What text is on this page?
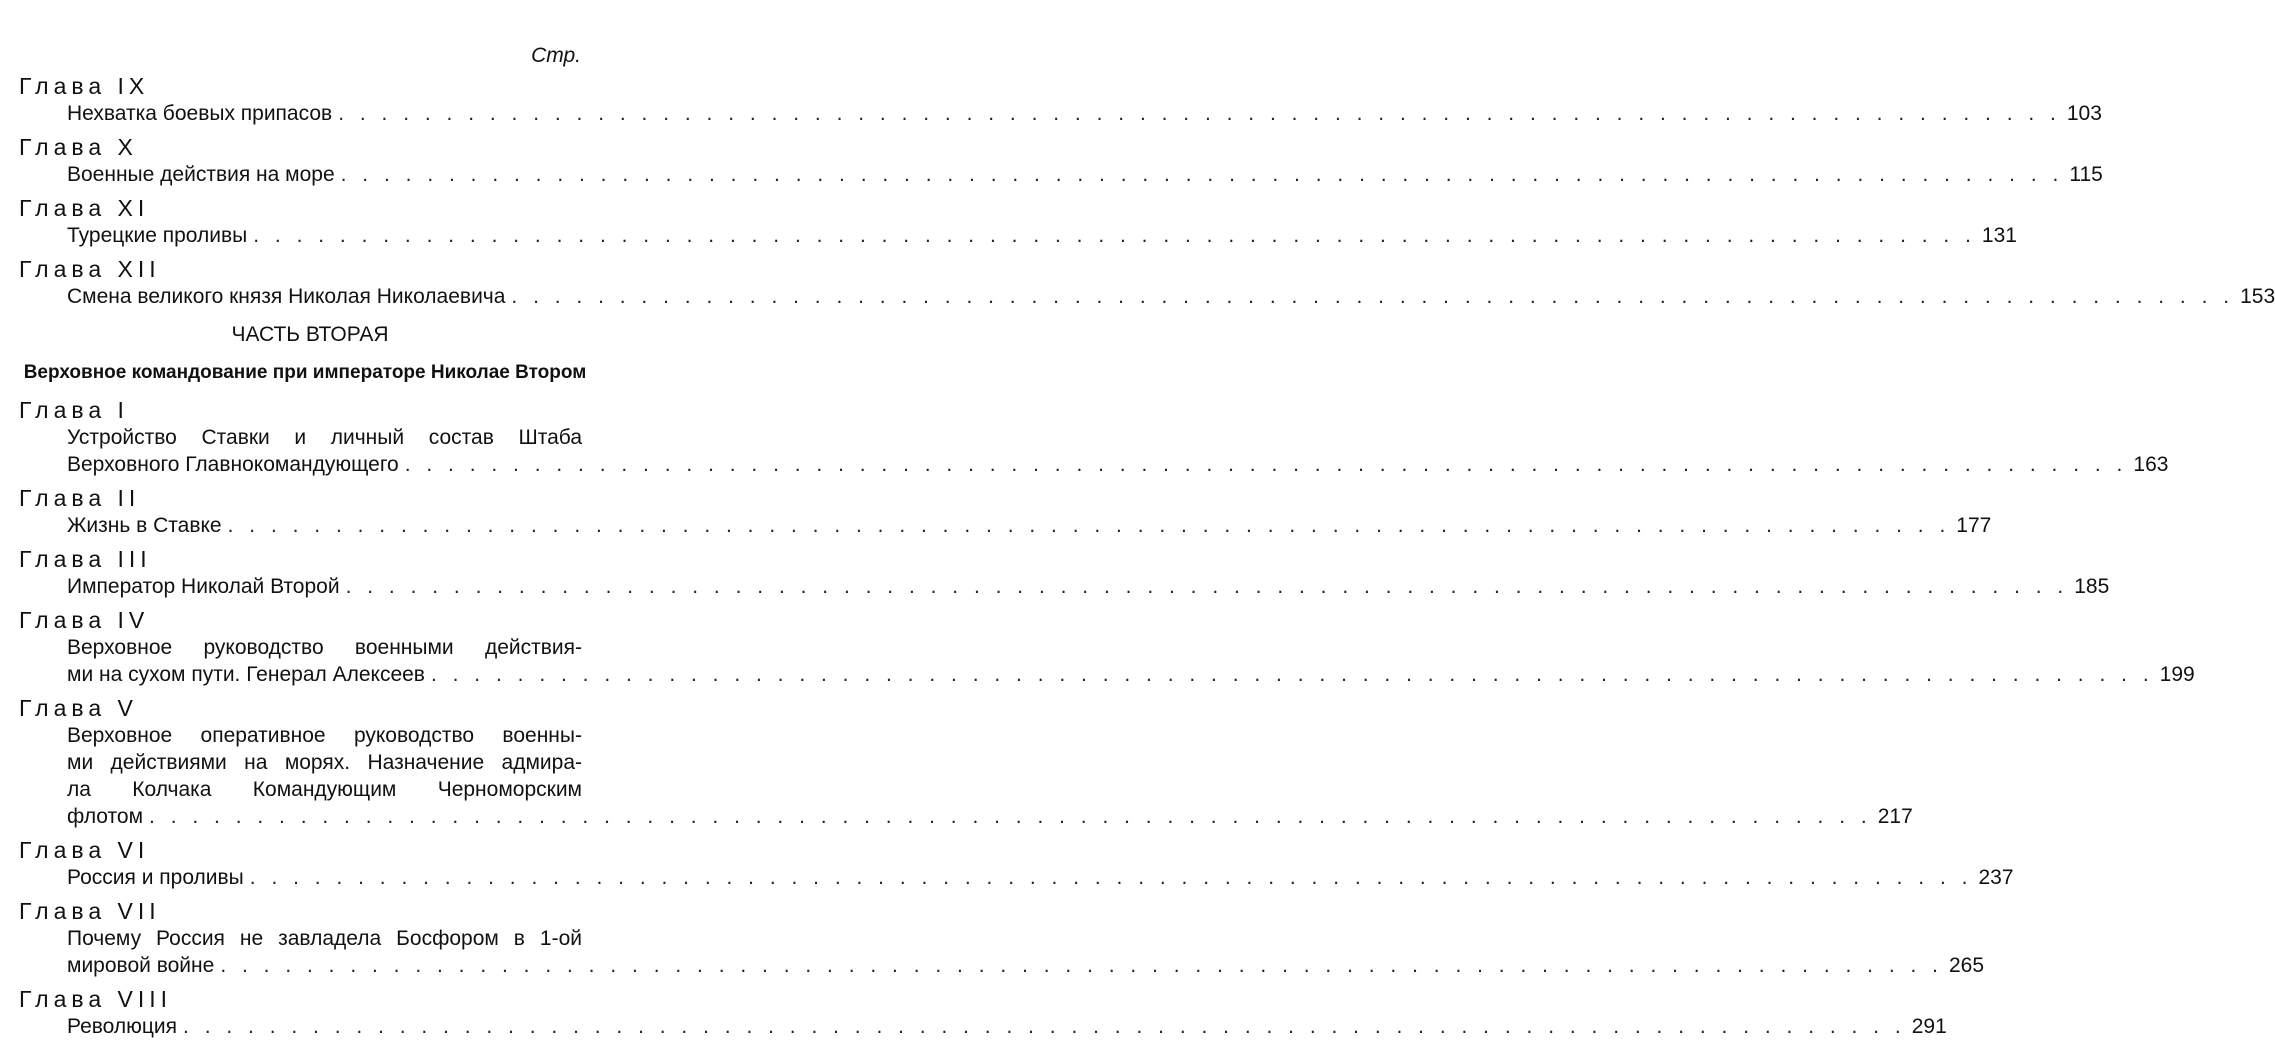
Стр.
Глава IX
Нехватка боевых припасов . . . . . . . . . . . . . . . . . . . . . . . . . . . . . . . . . . . . . . . . . . . . . . . . . . . . . . . . . . . . . . . . . . . . . . . . . . . . . . . . 103
Глава X
Военные действия на море . . . . . . . . . . . . . . . . . . . . . . . . . . . . . . . . . . . . . . . . . . . . . . . . . . . . . . . . . . . . . . . . . . . . . . . . . . . . . . . . 115
Глава XI
Турецкие проливы . . . . . . . . . . . . . . . . . . . . . . . . . . . . . . . . . . . . . . . . . . . . . . . . . . . . . . . . . . . . . . . . . . . . . . . . . . . . . . . . 131
Глава XII
Смена великого князя Николая Николаевича . . . . . . . . . . . . . . . . . . . . . . . . . . . . . . . . . . . . . . . . . . . . . . . . . . . . . . . . . . . . . . . . . . . . . . . . . . . . . . . . 153
ЧАСТЬ ВТОРАЯ
Верховное командование при императоре Николае Втором
Глава I
Устройство Ставки и личный состав Штаба
Верховного Главнокомандующего . . . . . . . . . . . . . . . . . . . . . . . . . . . . . . . . . . . . . . . . . . . . . . . . . . . . . . . . . . . . . . . . . . . . . . . . . . . . . . . . 163
Глава II
Жизнь в Ставке . . . . . . . . . . . . . . . . . . . . . . . . . . . . . . . . . . . . . . . . . . . . . . . . . . . . . . . . . . . . . . . . . . . . . . . . . . . . . . . . 177
Глава III
Император Николай Второй . . . . . . . . . . . . . . . . . . . . . . . . . . . . . . . . . . . . . . . . . . . . . . . . . . . . . . . . . . . . . . . . . . . . . . . . . . . . . . . . 185
Глава IV
Верховное руководство военными действия-
ми на сухом пути. Генерал Алексеев . . . . . . . . . . . . . . . . . . . . . . . . . . . . . . . . . . . . . . . . . . . . . . . . . . . . . . . . . . . . . . . . . . . . . . . . . . . . . . . . 199
Глава V
Верховное оперативное руководство военны-
ми действиями на морях. Назначение адмира-
ла Колчака Командующим Черноморским
флотом . . . . . . . . . . . . . . . . . . . . . . . . . . . . . . . . . . . . . . . . . . . . . . . . . . . . . . . . . . . . . . . . . . . . . . . . . . . . . . . . 217
Глава VI
Россия и проливы . . . . . . . . . . . . . . . . . . . . . . . . . . . . . . . . . . . . . . . . . . . . . . . . . . . . . . . . . . . . . . . . . . . . . . . . . . . . . . . . 237
Глава VII
Почему Россия не завладела Босфором в 1-ой
мировой войне . . . . . . . . . . . . . . . . . . . . . . . . . . . . . . . . . . . . . . . . . . . . . . . . . . . . . . . . . . . . . . . . . . . . . . . . . . . . . . . . 265
Глава VIII
Революция . . . . . . . . . . . . . . . . . . . . . . . . . . . . . . . . . . . . . . . . . . . . . . . . . . . . . . . . . . . . . . . . . . . . . . . . . . . . . . . . 291
